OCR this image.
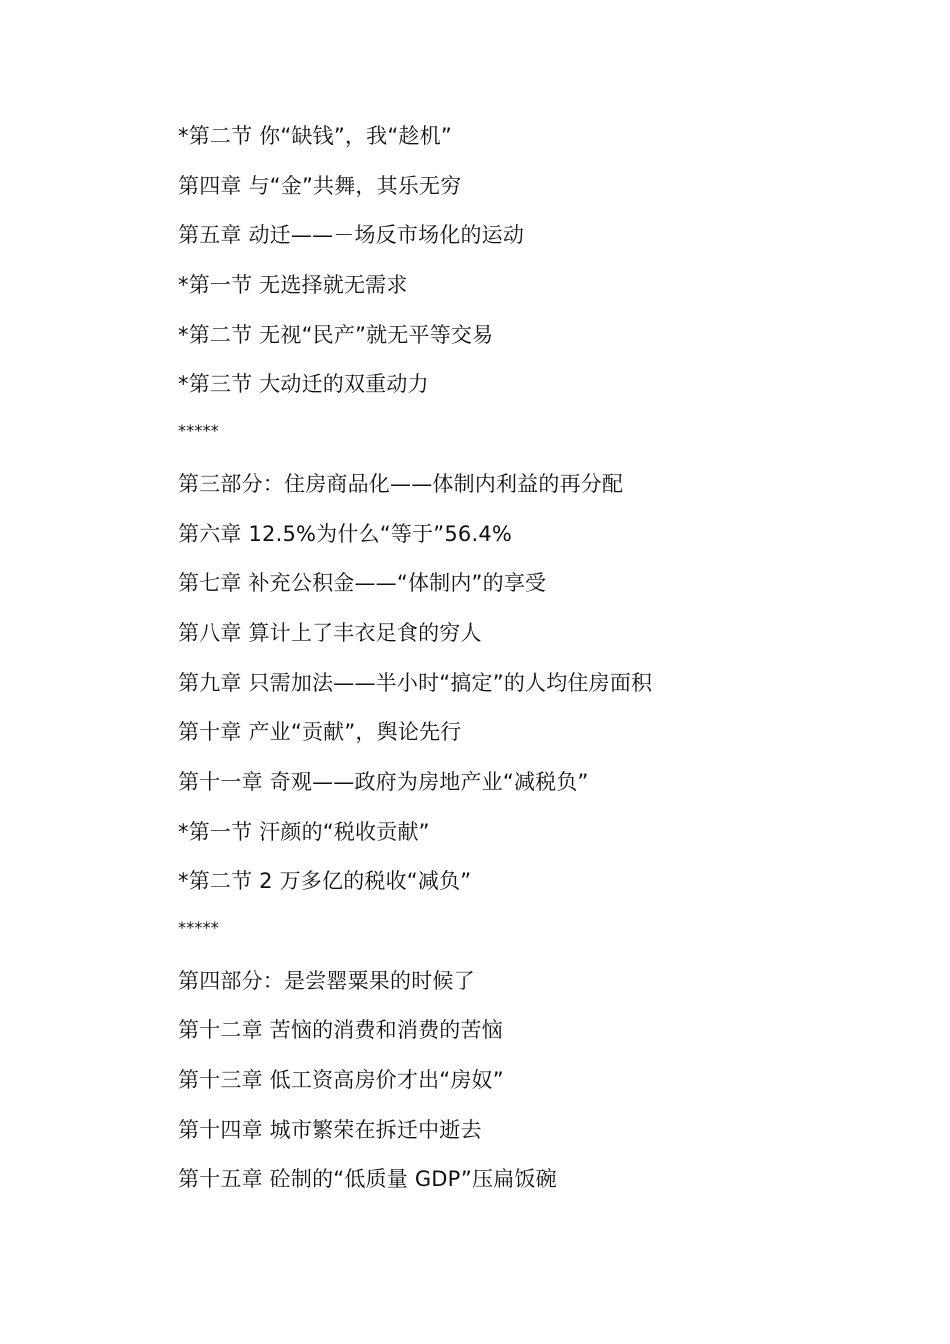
*第二节 你“缺钱”，我“趁机”
第四章 与“金”共舞，其乐无穷
第五章 动迁——－场反市场化的运动
*第一节 无选择就无需求
*第二节 无视“民产”就无平等交易
*第三节 大动迁的双重动力
*****
第三部分：住房商品化——体制内利益的再分配
第六章 12.5%为什么“等于”56.4%
第七章 补充公积金——“体制内”的享受
第八章 算计上了丰衣足食的穷人
第九章 只需加法——半小时“搞定”的人均住房面积
第十章 产业“贡献”，舆论先行
第十一章 奇观——政府为房地产业“减税负”
*第一节 汗颜的“税收贡献”
*第二节 2 万多亿的税收“减负”
*****
第四部分：是尝罂粟果的时候了
第十二章 苦恼的消费和消费的苦恼
第十三章 低工资高房价才出“房奴”
第十四章 城市繁荣在拆迁中逝去
第十五章 砼制的“低质量 GDP”压扁饭碗
